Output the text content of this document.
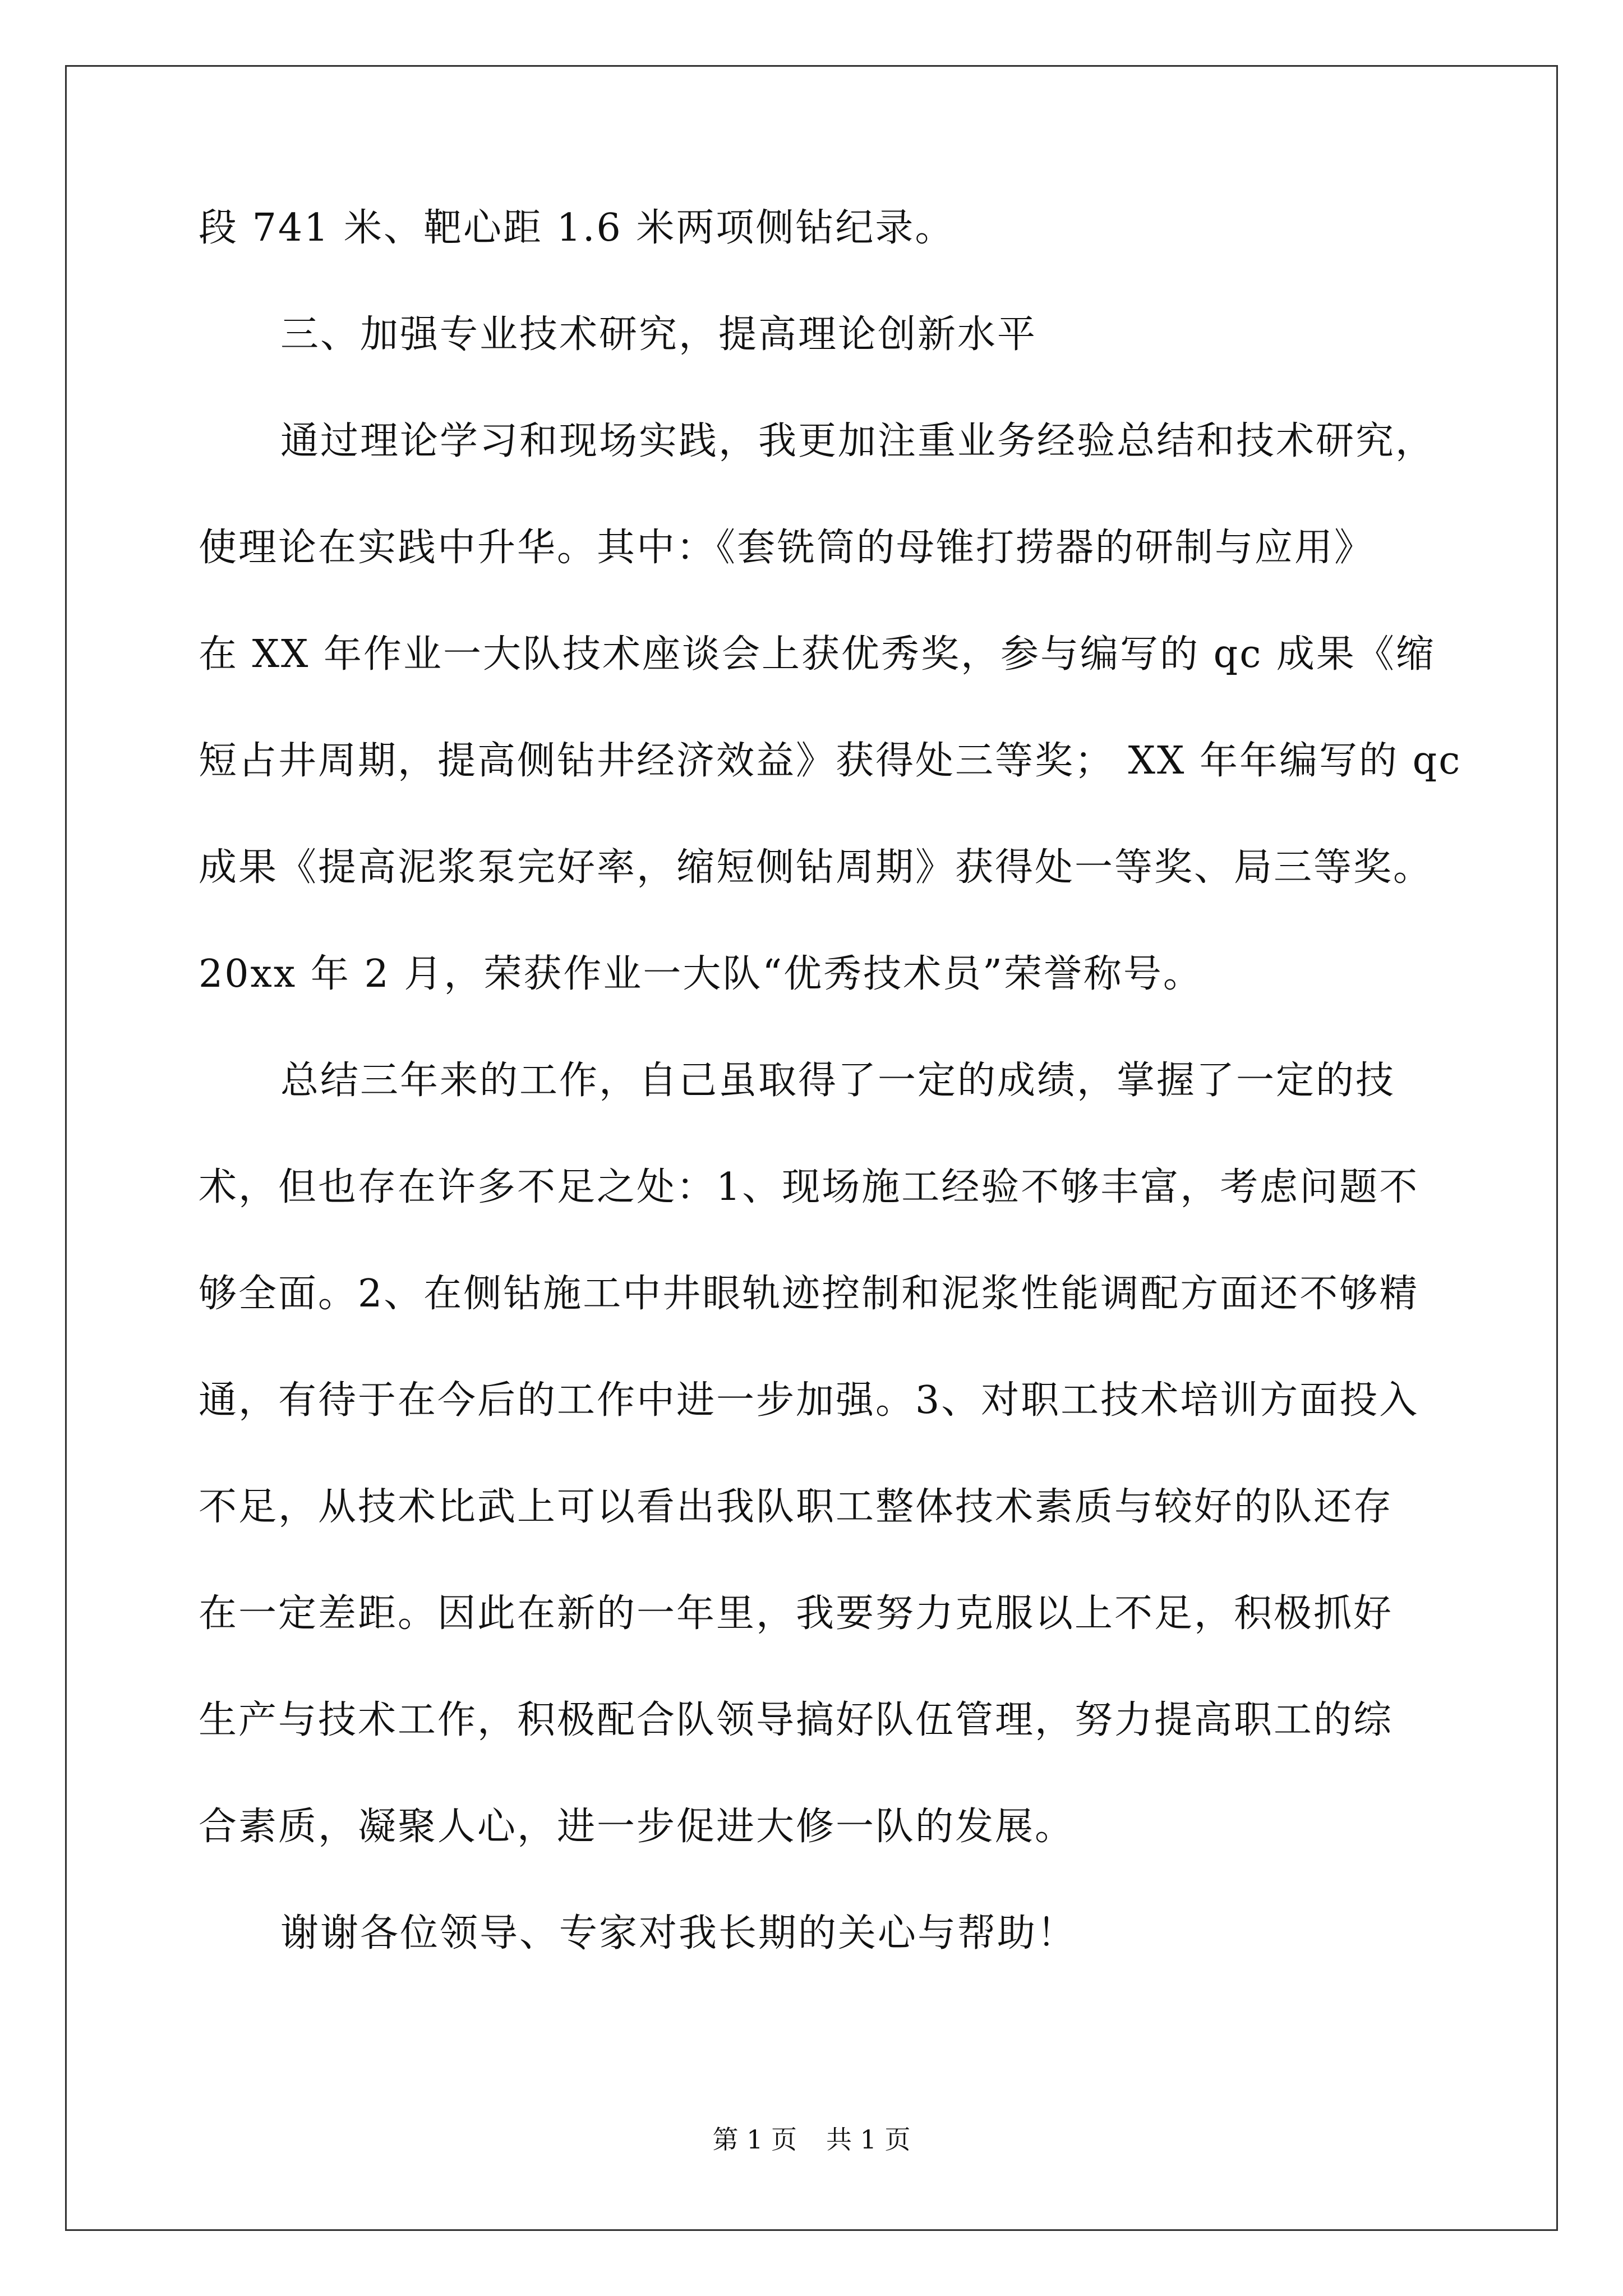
段 741 米、靶心距 1.6 米两项侧钻纪录。
三、加强专业技术研究，提高理论创新水平
通过理论学习和现场实践，我更加注重业务经验总结和技术研究，
使理论在实践中升华。其中：《套铣筒的母锥打捞器的研制与应用》
在 XX 年作业一大队技术座谈会上获优秀奖，参与编写的 qc 成果《缩
短占井周期，提高侧钻井经济效益》获得处三等奖； XX 年年编写的 qc
成果《提高泥浆泵完好率，缩短侧钻周期》获得处一等奖、局三等奖。
20xx 年 2 月，荣获作业一大队“优秀技术员”荣誉称号。
总结三年来的工作，自己虽取得了一定的成绩，掌握了一定的技
术，但也存在许多不足之处：1、现场施工经验不够丰富，考虑问题不
够全面。2、在侧钻施工中井眼轨迹控制和泥浆性能调配方面还不够精
通，有待于在今后的工作中进一步加强。3、对职工技术培训方面投入
不足，从技术比武上可以看出我队职工整体技术素质与较好的队还存
在一定差距。因此在新的一年里，我要努力克服以上不足，积极抓好
生产与技术工作，积极配合队领导搞好队伍管理，努力提高职工的综
合素质，凝聚人心，进一步促进大修一队的发展。
谢谢各位领导、专家对我长期的关心与帮助！
第 1 页 共 1 页
